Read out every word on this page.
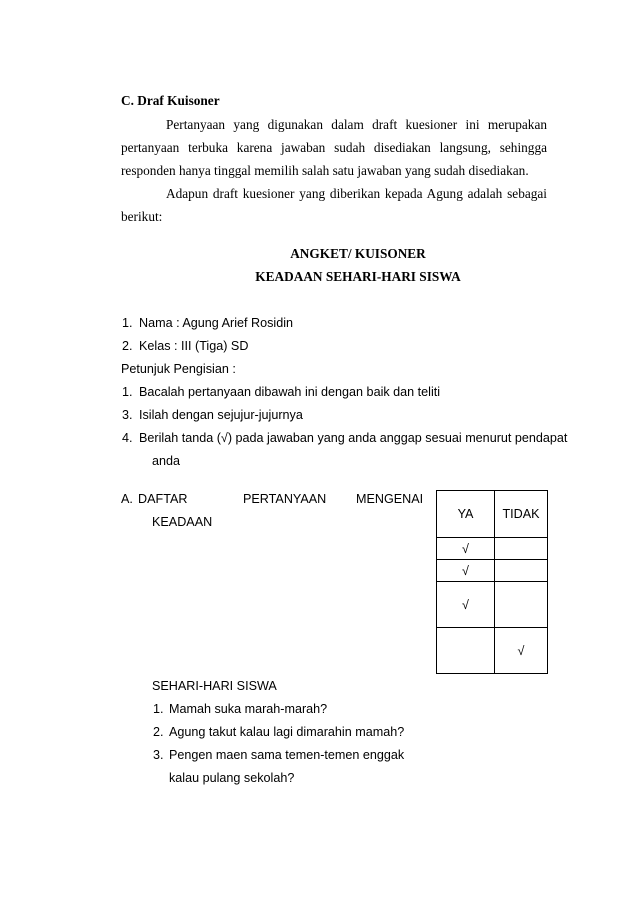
C. Draf Kuisoner
Pertanyaan yang digunakan dalam draft kuesioner ini merupakan
pertanyaan terbuka karena jawaban sudah disediakan langsung, sehingga
responden hanya tinggal memilih salah satu jawaban yang sudah disediakan.
Adapun draft kuesioner yang diberikan kepada Agung adalah sebagai
berikut:
ANGKET/ KUISONER
KEADAAN SEHARI-HARI SISWA
1. Nama : Agung Arief Rosidin
2. Kelas : III (Tiga) SD
Petunjuk Pengisian :
1. Bacalah pertanyaan dibawah ini dengan baik dan teliti
3. Isilah dengan sejujur-jujurnya
4. Berilah tanda (√) pada jawaban yang anda anggap sesuai menurut pendapat
anda
A. DAFTAR	PERTANYAAN MENGENAI
KEADAAN
YA	TIDAK
√	
√	
√	
	√
SEHARI-HARI SISWA
1. Mamah suka marah-marah?
2. Agung takut kalau lagi dimarahin mamah?
3. Pengen maen sama temen-temen enggak
kalau pulang sekolah?
